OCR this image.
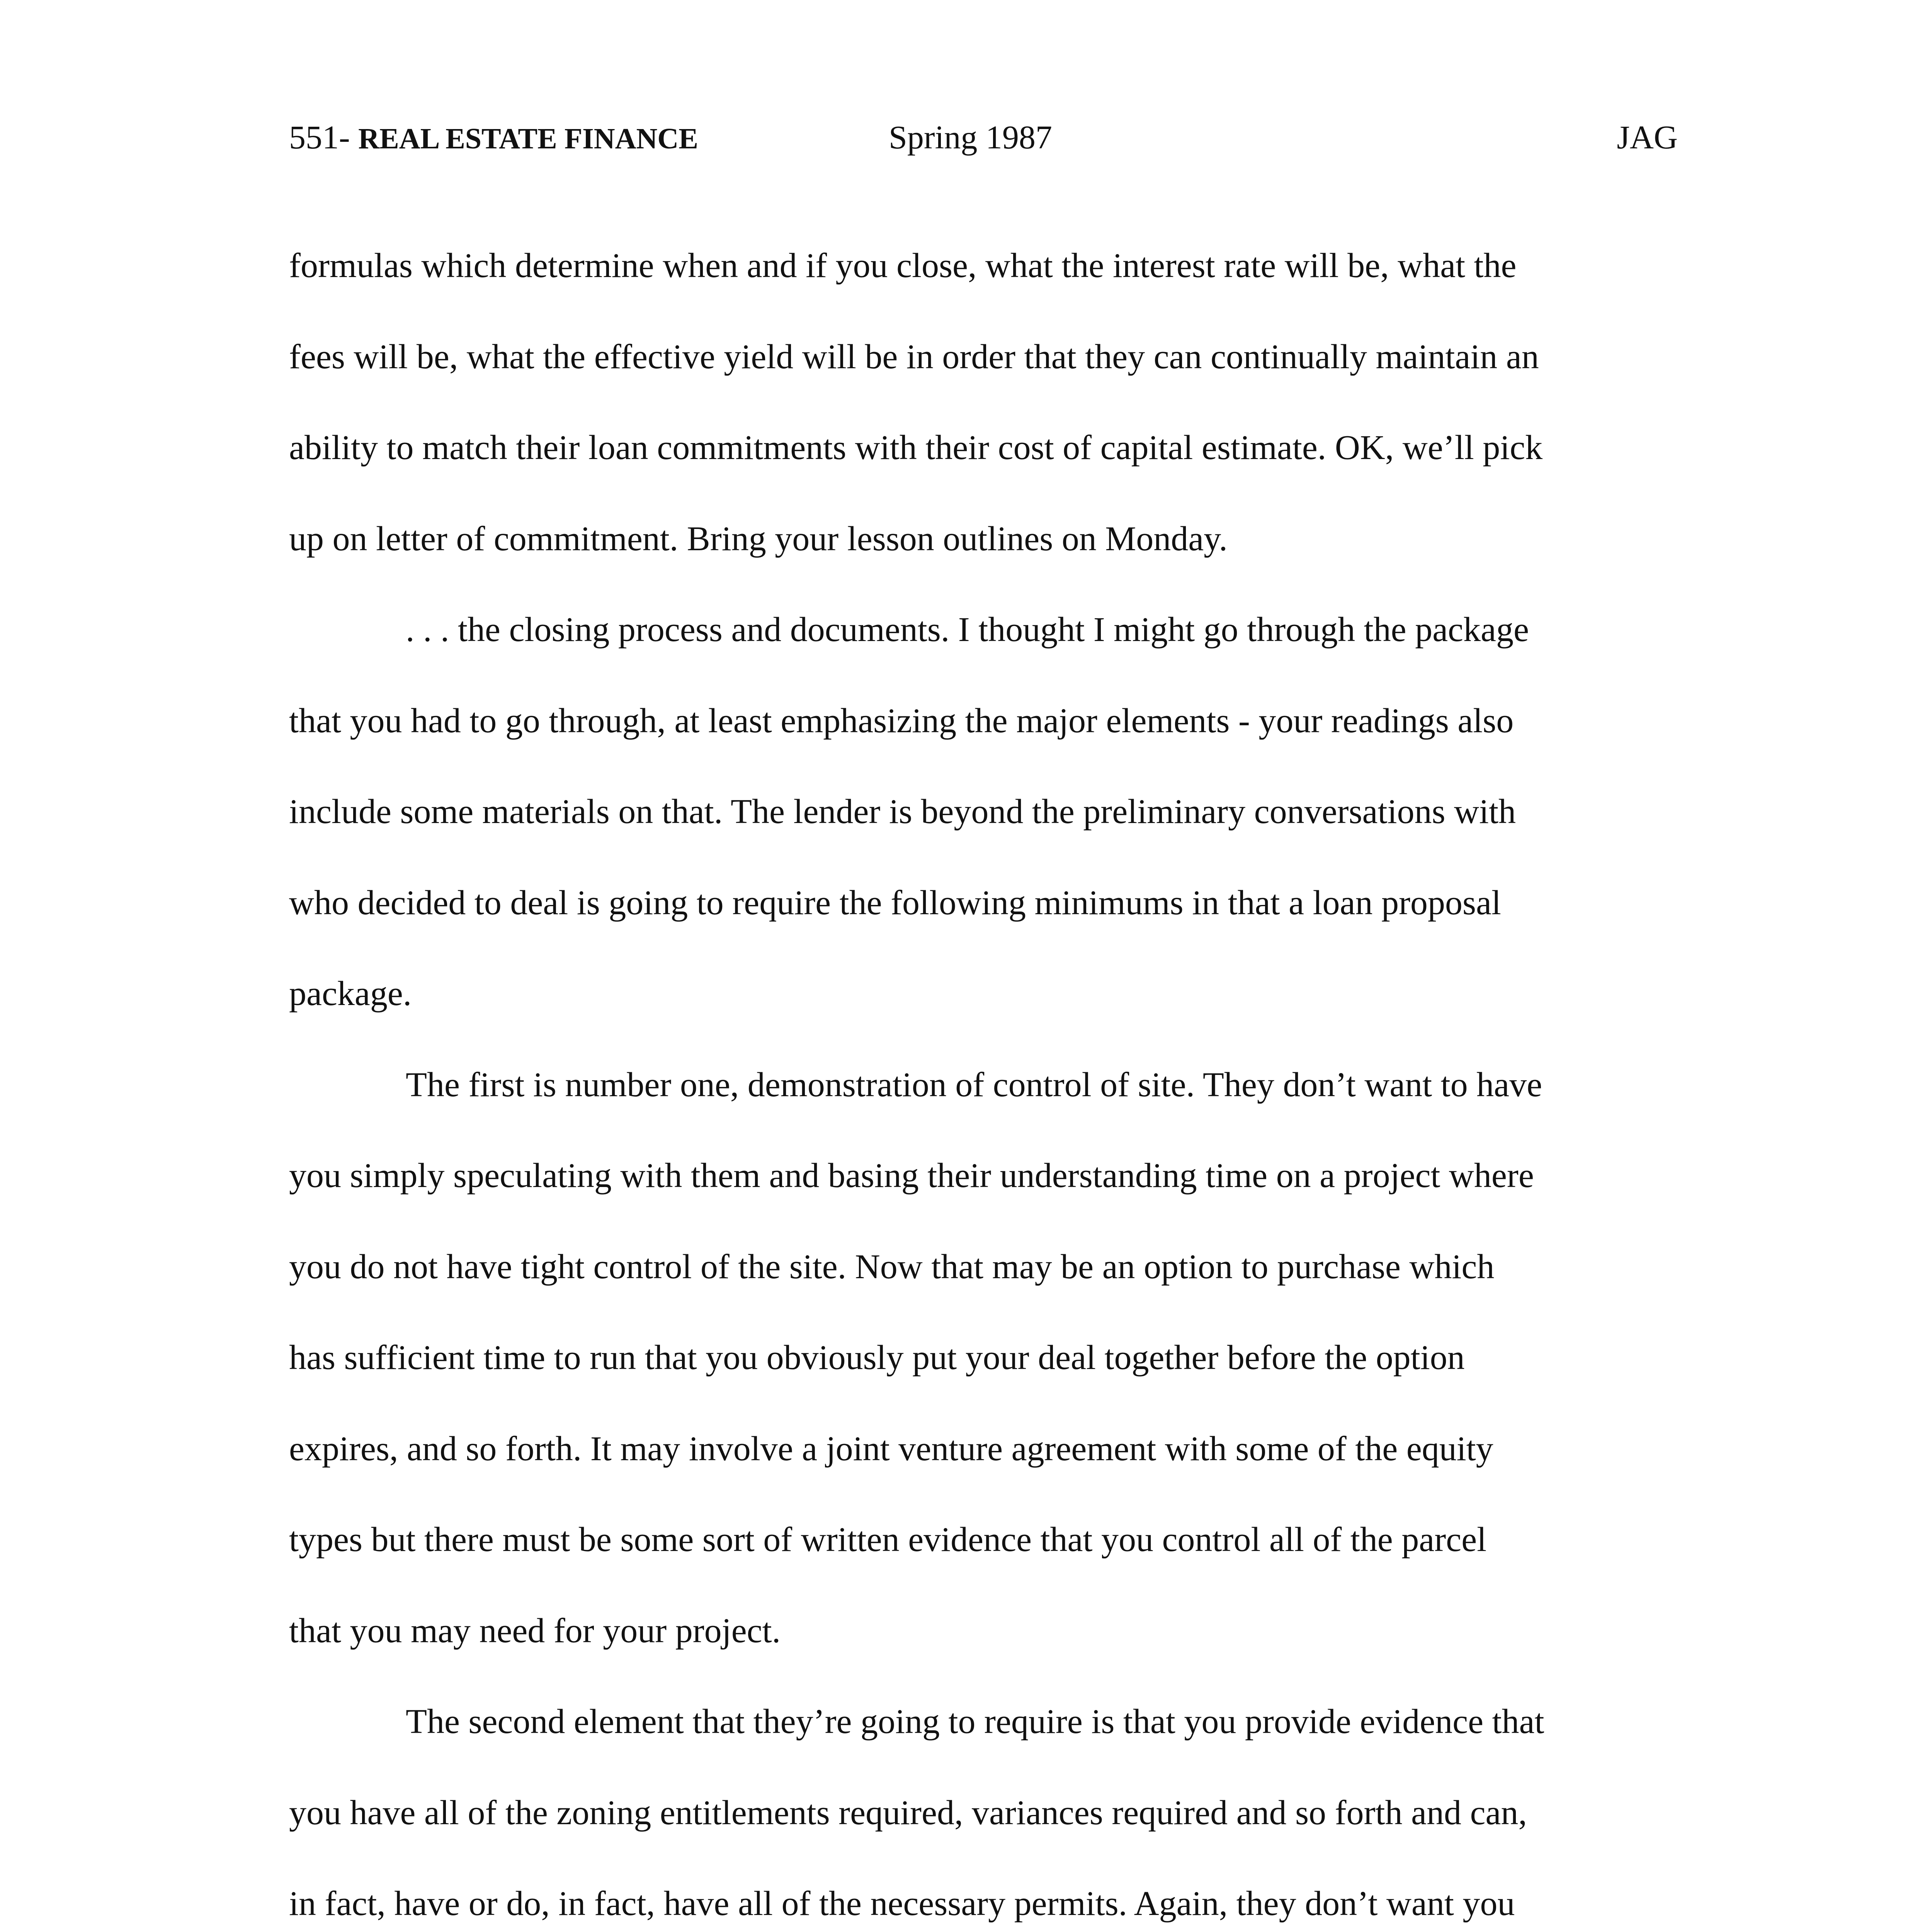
551- REAL ESTATE FINANCE	Spring 1987	JAG
formulas which determine when and if you close, what the interest rate will be, what the
fees will be, what the effective yield will be in order that they can continually maintain an
ability to match their loan commitments with their cost of capital estimate. OK, we’ll pick
up on letter of commitment. Bring your lesson outlines on Monday.
. . . the closing process and documents. I thought I might go through the package
that you had to go through, at least emphasizing the major elements - your readings also
include some materials on that. The lender is beyond the preliminary conversations with
who decided to deal is going to require the following minimums in that a loan proposal
package.
The first is number one, demonstration of control of site. They don’t want to have
you simply speculating with them and basing their understanding time on a project where
you do not have tight control of the site. Now that may be an option to purchase which
has sufficient time to run that you obviously put your deal together before the option
expires, and so forth. It may involve a joint venture agreement with some of the equity
types but there must be some sort of written evidence that you control all of the parcel
that you may need for your project.
The second element that they’re going to require is that you provide evidence that
you have all of the zoning entitlements required, variances required and so forth and can,
in fact, have or do, in fact, have all of the necessary permits. Again, they don’t want you
